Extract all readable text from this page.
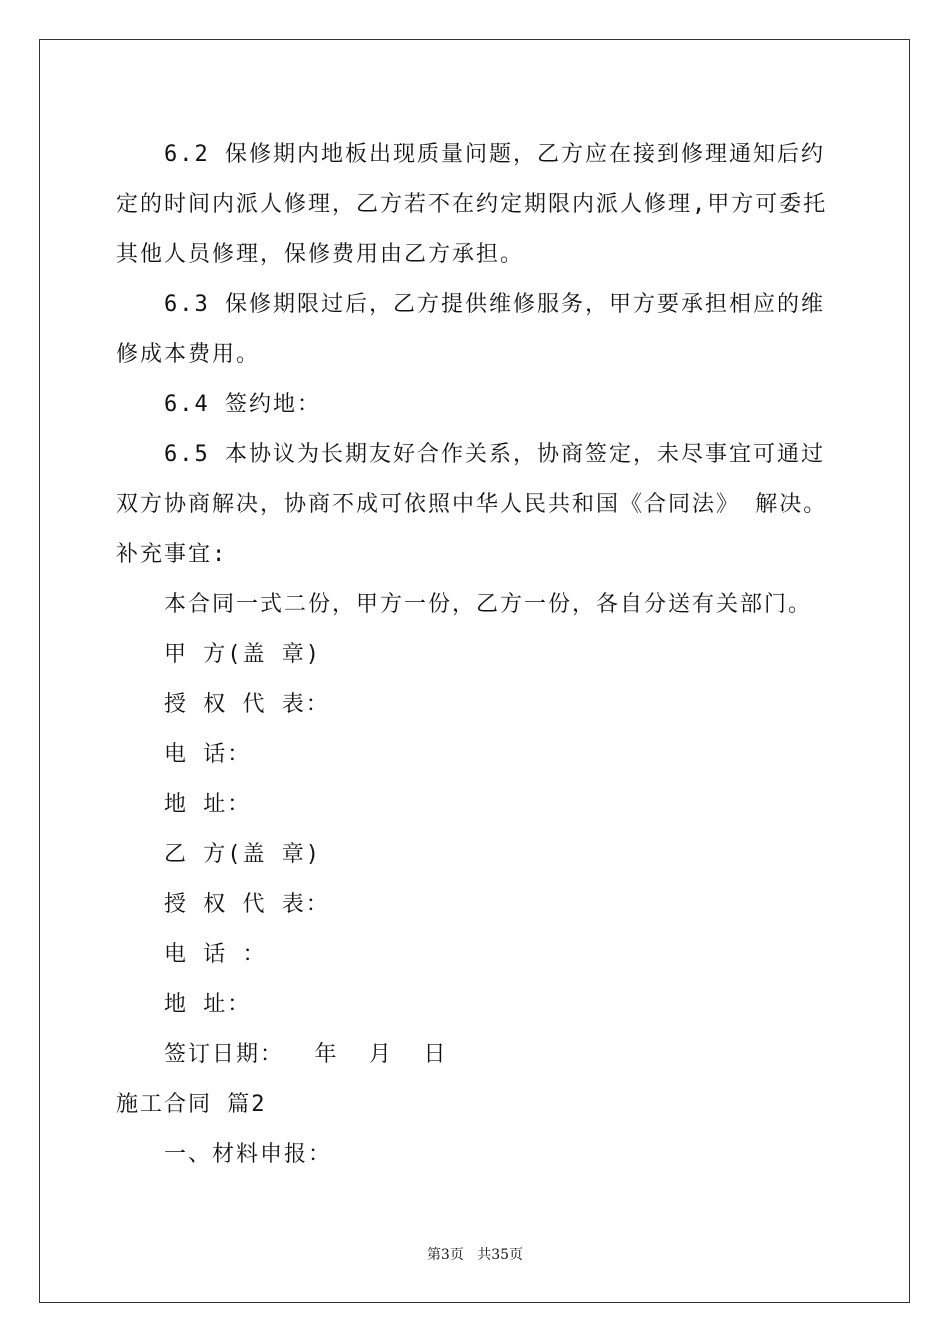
6.2 保修期内地板出现质量问题，乙方应在接到修理通知后约定的时间内派人修理，乙方若不在约定期限内派人修理,甲方可委托其他人员修理，保修费用由乙方承担。

6.3 保修期限过后，乙方提供维修服务，甲方要承担相应的维修成本费用。

6.4 签约地：

6.5 本协议为长期友好合作关系，协商签定，未尽事宜可通过双方协商解决，协商不成可依照中华人民共和国《合同法》 解决。补充事宜:

本合同一式二份，甲方一份，乙方一份，各自分送有关部门。

甲 方(盖 章)

授 权 代 表：

电 话：

地 址：

乙 方(盖 章)

授 权 代 表：

电 话 ：

地 址：

签订日期：  年  月  日

施工合同 篇2

一、材料申报：

第3页 共35页
